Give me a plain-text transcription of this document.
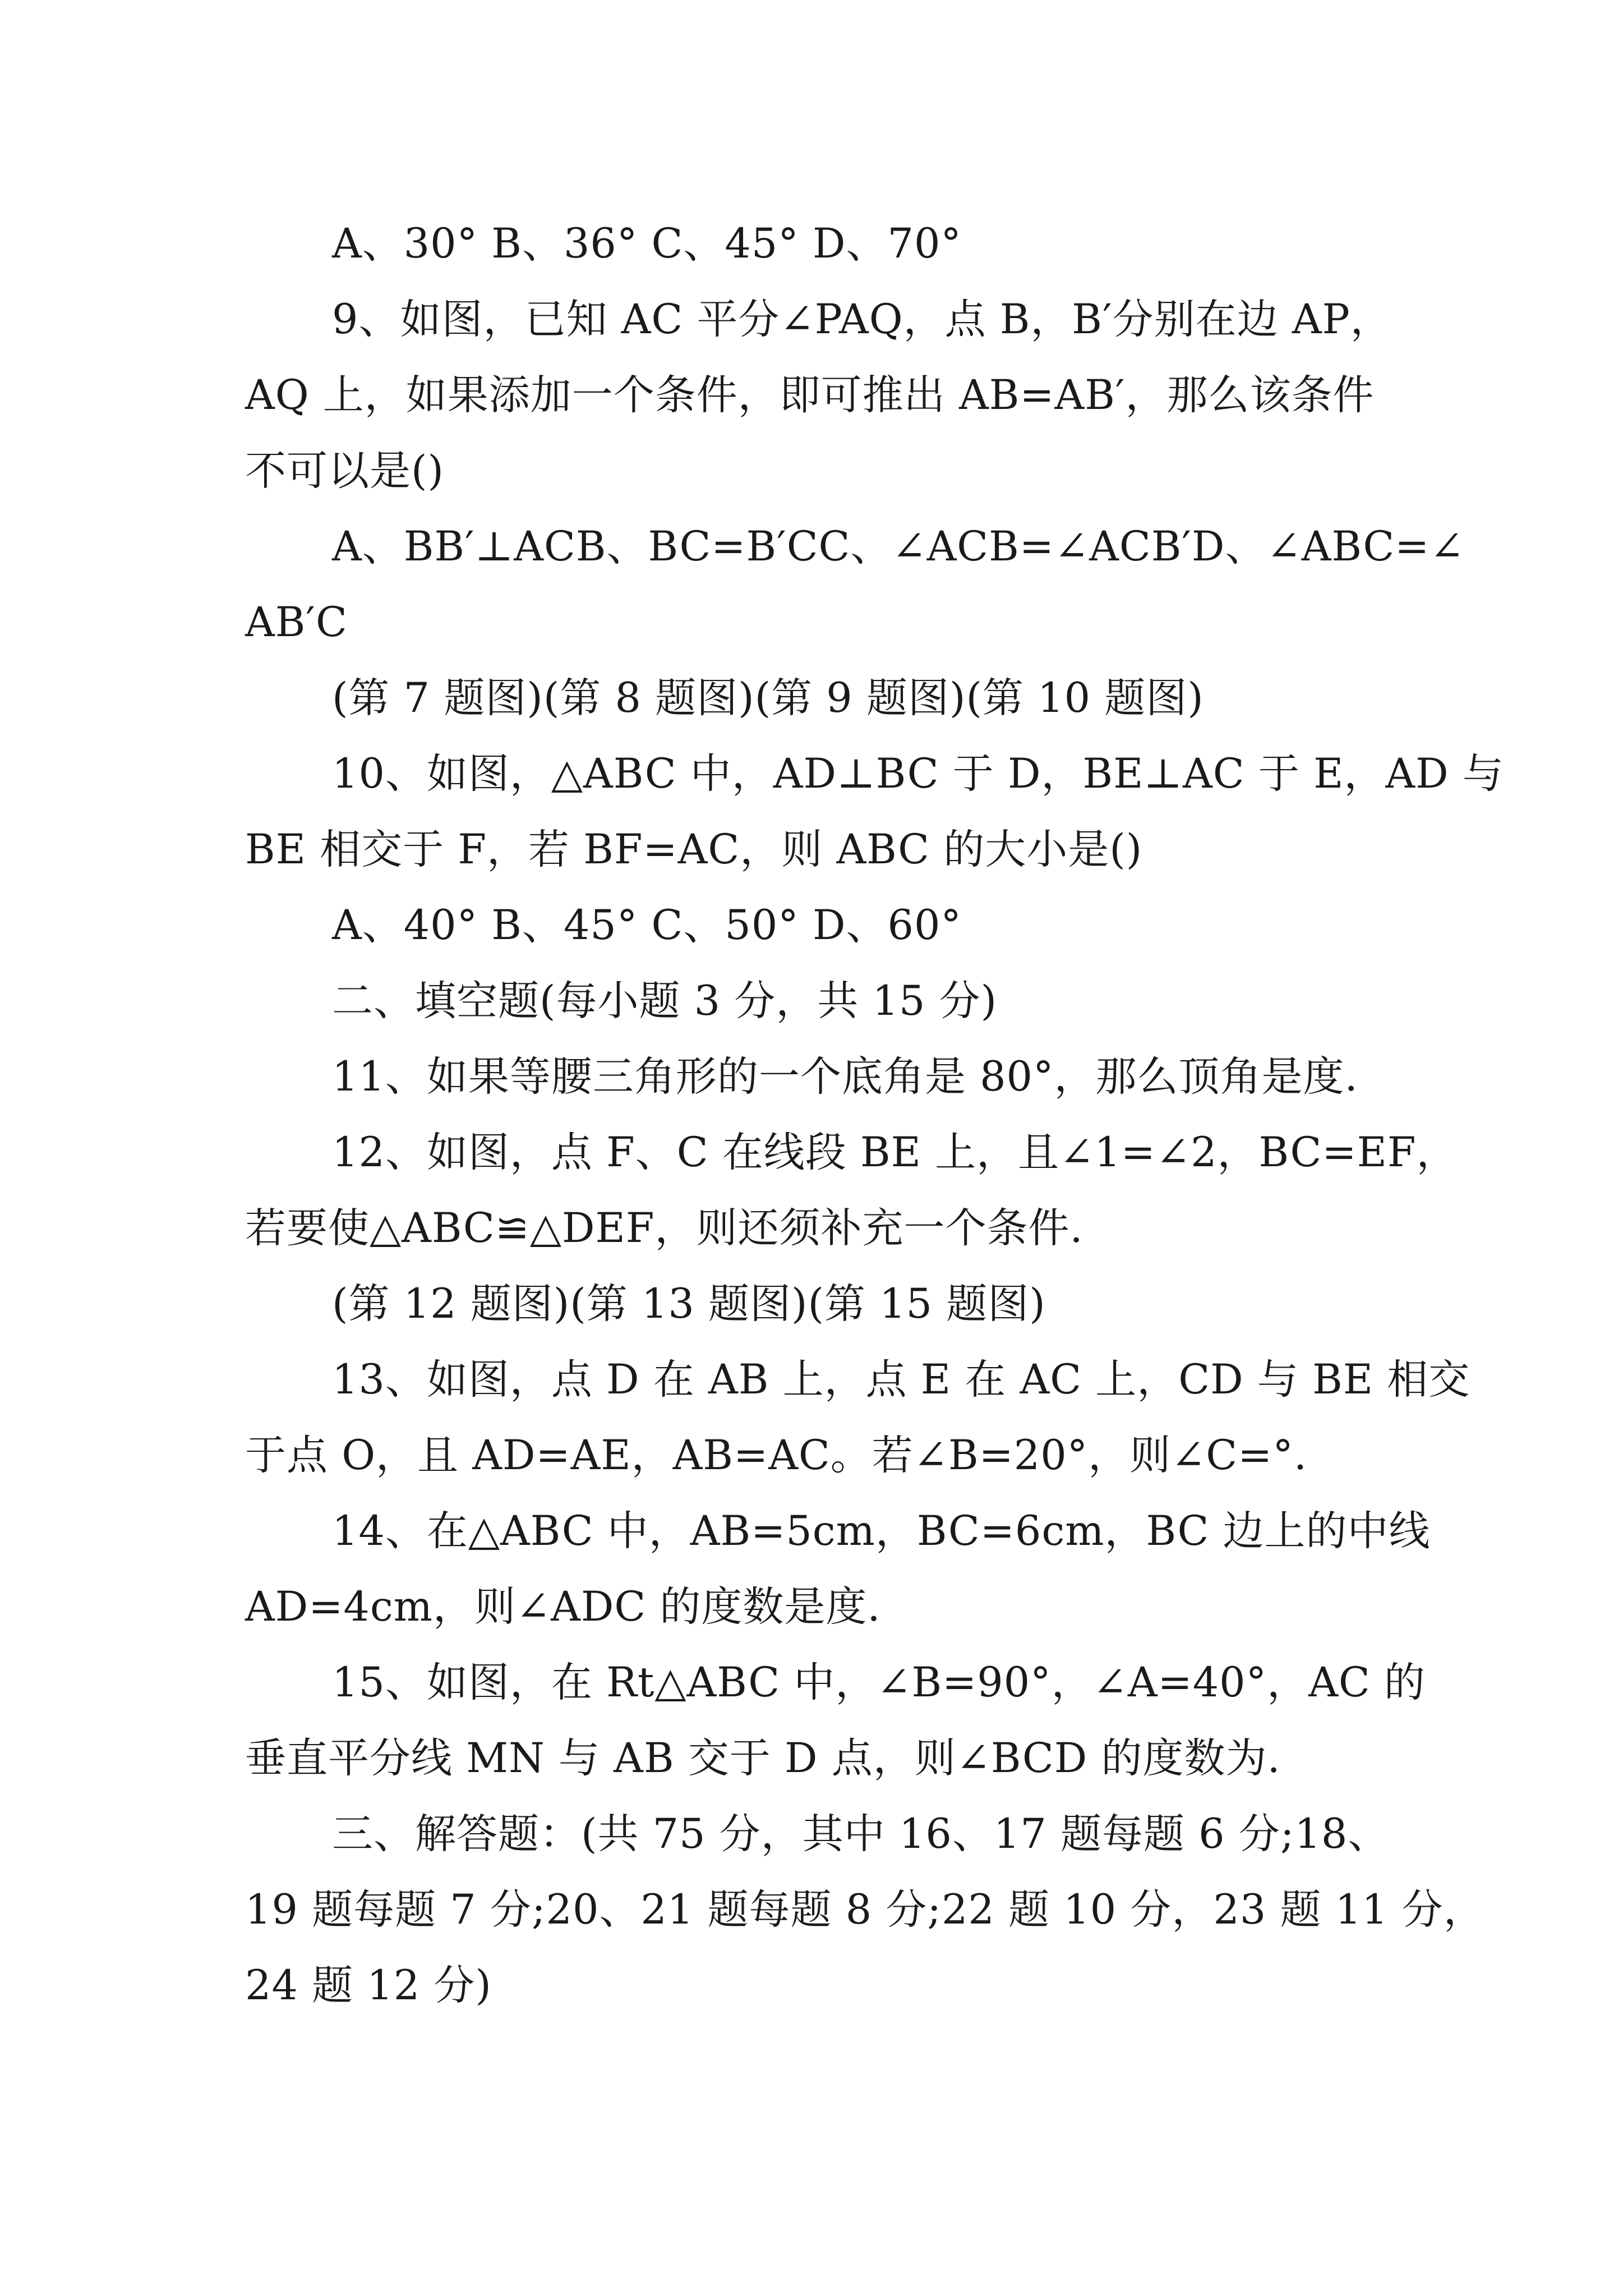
A、30° B、36° C、45° D、70°
9、如图，已知 AC 平分∠PAQ，点 B，B′分别在边 AP，
AQ 上，如果添加一个条件，即可推出 AB=AB′，那么该条件
不可以是()
A、BB′⊥ACB、BC=B′CC、∠ACB=∠ACB′D、∠ABC=∠
AB′C
(第 7 题图)(第 8 题图)(第 9 题图)(第 10 题图)
10、如图，△ABC 中，AD⊥BC 于 D，BE⊥AC 于 E，AD 与
BE 相交于 F，若 BF=AC，则 ABC 的大小是()
A、40° B、45° C、50° D、60°
二、填空题(每小题 3 分，共 15 分)
11、如果等腰三角形的一个底角是 80°，那么顶角是度.
12、如图，点 F、C 在线段 BE 上，且∠1=∠2，BC=EF，
若要使△ABC≌△DEF，则还须补充一个条件.
(第 12 题图)(第 13 题图)(第 15 题图)
13、如图，点 D 在 AB 上，点 E 在 AC 上，CD 与 BE 相交
于点 O，且 AD=AE，AB=AC。若∠B=20°，则∠C=°.
14、在△ABC 中，AB=5cm，BC=6cm，BC 边上的中线
AD=4cm，则∠ADC 的度数是度.
15、如图，在 Rt△ABC 中，∠B=90°，∠A=40°，AC 的
垂直平分线 MN 与 AB 交于 D 点，则∠BCD 的度数为.
三、解答题：(共 75 分，其中 16、17 题每题 6 分;18、
19 题每题 7 分;20、21 题每题 8 分;22 题 10 分，23 题 11 分，
24 题 12 分)
